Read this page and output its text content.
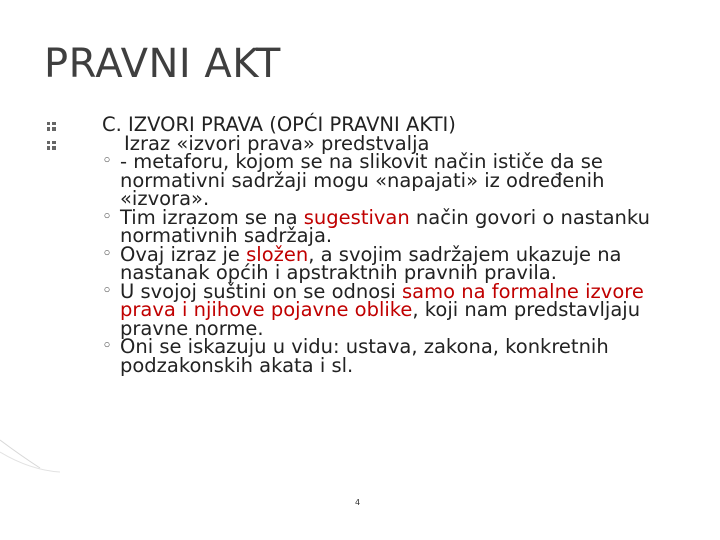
PRAVNI AKT
C. IZVORI PRAVA (OPĆI PRAVNI AKTI)
Izraz «izvori prava» predstvalja
◦ - metaforu, kojom se na slikovit način ističe da se normativni sadržaji mogu «napajati» iz određenih «izvora».
◦ Tim izrazom se na sugestivan način govori o nastanku normativnih sadržaja.
◦ Ovaj izraz je složen, a svojim sadržajem ukazuje na nastanak općih i apstraktnih pravnih pravila.
◦ U svojoj suštini on se odnosi samo na formalne izvore prava i njihove pojavne oblike, koji nam predstavljaju pravne norme.
◦ Oni se iskazuju u vidu: ustava, zakona, konkretnih podzakonskih akata i sl.
4
